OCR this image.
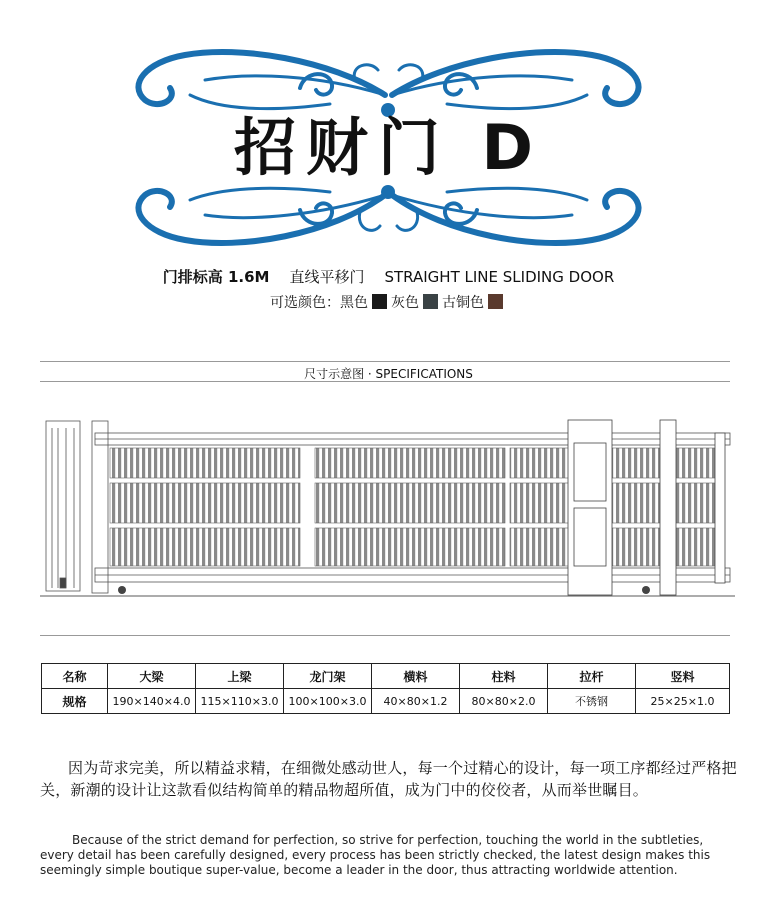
招财门 D
门排标高 1.6M 直线平移门 STRAIGHT LINE SLIDING DOOR
可选颜色：黑色 灰色 古铜色
尺寸示意图 · SPECIFICATIONS
名称	大梁	上梁	龙门架	横料	柱料	拉杆	竖料
规格	190×140×4.0	115×110×3.0	100×100×3.0	40×80×1.2	80×80×2.0	不锈钢	25×25×1.0
因为苛求完美，所以精益求精，在细微处感动世人，每一个过精心的设计，每一项工序都经过严格把关，新潮的设计让这款看似结构简单的精品物超所值，成为门中的佼佼者，从而举世瞩目。
Because of the strict demand for perfection, so strive for perfection, touching the world in the subtleties, every detail has been carefully designed, every process has been strictly checked, the latest design makes this seemingly simple boutique super-value, become a leader in the door, thus attracting worldwide attention.
